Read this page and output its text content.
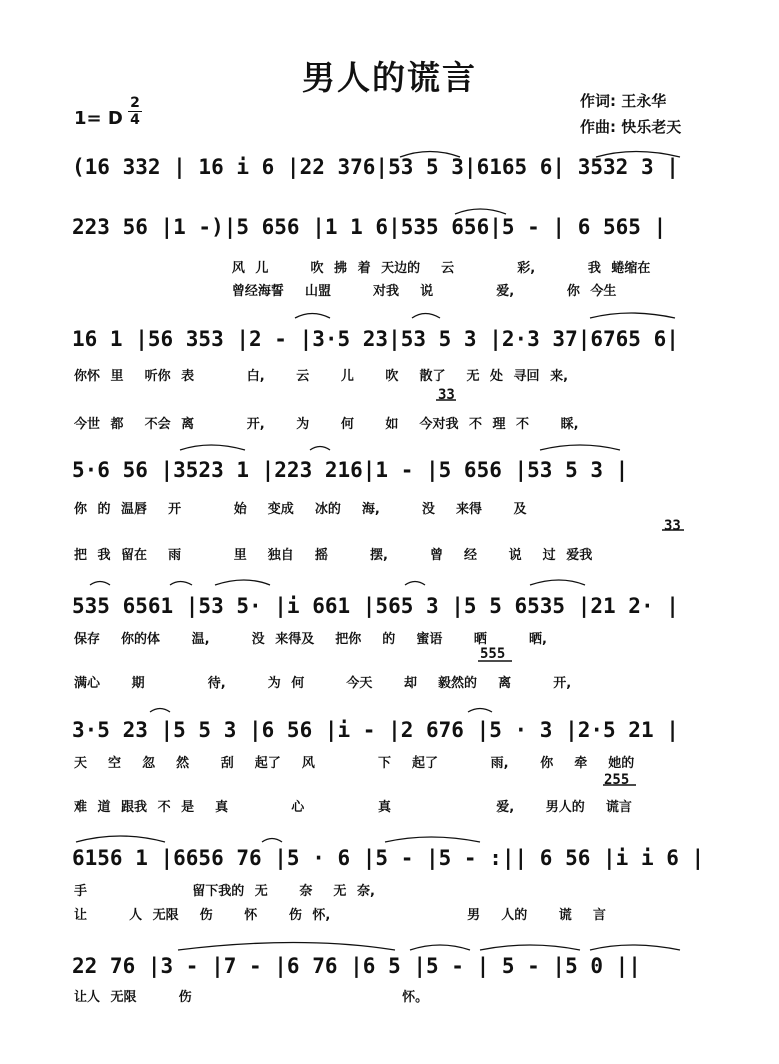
男人的谎言
作词: 王永华
作曲: 快乐老天
1= D
2
4
(16 332 | 16 i 6 |22 376|53 5 3|6165 6| 3532 3 |
223 56 |1 -)|5 656 |1 1 6|535 656|5 - | 6 565 |
风 儿    吹 拂 着 天边的  云      彩,     我 蜷缩在
曾经海誓  山盟    对我  说      爱,     你 今生
16 1 |56 353 |2 - |3·5 23|53 5 3 |2·3 37|6765 6|
你怀 里  听你 表     白,   云   儿   吹  散了  无 处 寻回 来,
33
今世 都  不会 离     开,   为   何   如  今对我 不 理 不   睬,
5·6 56 |3523 1 |223 216|1 - |5 656 |53 5 3 |
你 的 温唇  开     始  变成  冰的  海,    没  来得   及
33
把 我 留在  雨     里  独自  摇    摆,    曾  经   说  过 爱我
535 6561 |53 5· |i 661 |565 3 |5 5 6535 |21 2· |
保存  你的体   温,    没 来得及  把你  的  蜜语   晒    晒,
555
满心   期      待,    为 何    今天   却  毅然的  离    开,
3·5 23 |5 5 3 |6 56 |i - |2 676 |5 · 3 |2·5 21 |
天  空  忽  然   刮  起了  风      下  起了     雨,   你  牵  她的
255
难 道 跟我 不 是  真      心       真          爱,   男人的  谎言
6156 1 |6656 76 |5 · 6 |5 - |5 - :|| 6 56 |i i 6 |
手          留下我的 无   奈  无 奈,
让    人 无限  伤   怀   伤 怀,             男  人的   谎  言
22 76 |3 - |7 - |6 76 |6 5 |5 - | 5 - |5 0 ||
让人 无限    伤                    怀。
